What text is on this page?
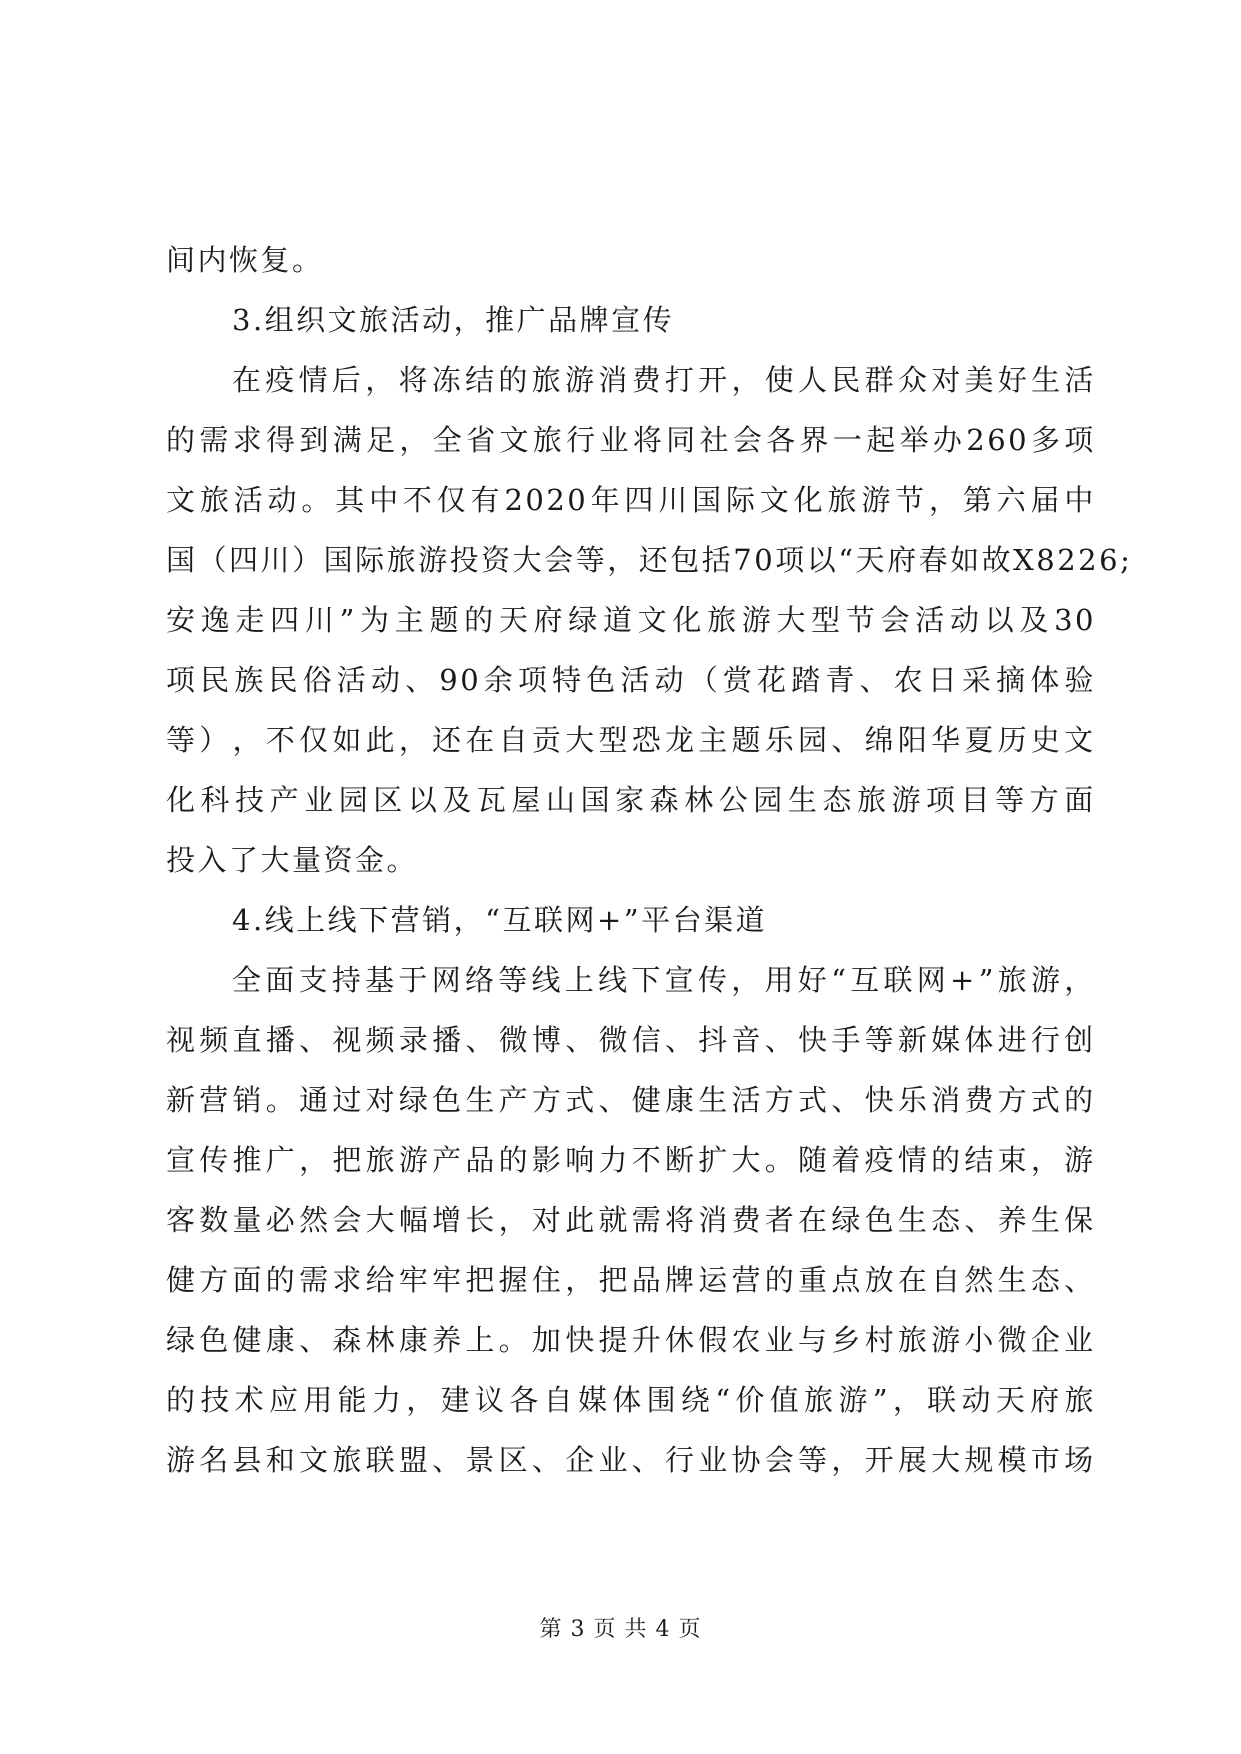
间内恢复。
3.组织文旅活动，推广品牌宣传
在 疫 情 后 ， 将 冻 结 的 旅 游 消 费 打 开 ， 使 人 民 群 众 对 美 好 生 活
的 需 求 得 到 满 足 ， 全 省 文 旅 行 业 将 同 社 会 各 界 一 起 举 办 260 多 项
文 旅 活 动 。 其 中 不 仅 有 2020 年 四 川 国 际 文 化 旅 游 节 ， 第 六 届 中
国 （ 四 川 ） 国 际 旅 游 投 资 大 会 等 ， 还 包 括 70 项 以 “ 天 府 春 如 故 X8226;
安 逸 走 四 川 ” 为 主 题 的 天 府 绿 道 文 化 旅 游 大 型 节 会 活 动 以 及 30
项 民 族 民 俗 活 动 、 90 余 项 特 色 活 动 （ 赏 花 踏 青 、 农 日 采 摘 体 验
等 ） ， 不 仅 如 此 ， 还 在 自 贡 大 型 恐 龙 主 题 乐 园 、 绵 阳 华 夏 历 史 文
化 科 技 产 业 园 区 以 及 瓦 屋 山 国 家 森 林 公 园 生 态 旅 游 项 目 等 方 面
投入了大量资金。
4.线上线下营销，“互联网+”平台渠道
全 面 支 持 基 于 网 络 等 线 上 线 下 宣 传 ， 用 好 “ 互 联 网 + ” 旅 游 ，
视 频 直 播 、 视 频 录 播 、 微 博 、 微 信 、 抖 音 、 快 手 等 新 媒 体 进 行 创
新 营 销 。 通 过 对 绿 色 生 产 方 式 、 健 康 生 活 方 式 、 快 乐 消 费 方 式 的
宣 传 推 广 ， 把 旅 游 产 品 的 影 响 力 不 断 扩 大 。 随 着 疫 情 的 结 束 ， 游
客 数 量 必 然 会 大 幅 增 长 ， 对 此 就 需 将 消 费 者 在 绿 色 生 态 、 养 生 保
健 方 面 的 需 求 给 牢 牢 把 握 住 ， 把 品 牌 运 营 的 重 点 放 在 自 然 生 态 、
绿 色 健 康 、 森 林 康 养 上 。 加 快 提 升 休 假 农 业 与 乡 村 旅 游 小 微 企 业
的 技 术 应 用 能 力 ， 建 议 各 自 媒 体 围 绕 “ 价 值 旅 游 ” ， 联 动 天 府 旅
游 名 县 和 文 旅 联 盟 、 景 区 、 企 业 、 行 业 协 会 等 ， 开 展 大 规 模 市 场
第 3 页 共 4 页
